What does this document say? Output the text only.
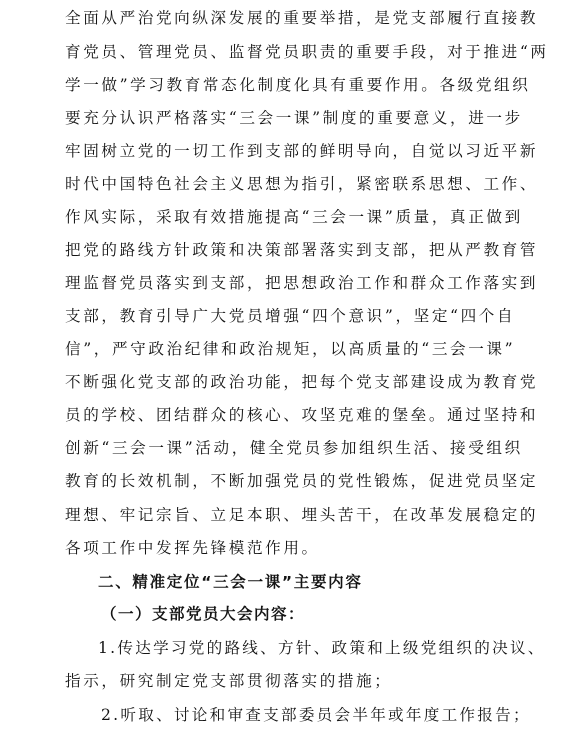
全面从严治党向纵深发展的重要举措，是党支部履行直接教
育党员、管理党员、监督党员职责的重要手段，对于推进“两
学一做”学习教育常态化制度化具有重要作用。各级党组织
要充分认识严格落实“三会一课”制度的重要意义，进一步
牢固树立党的一切工作到支部的鲜明导向，自觉以习近平新
时代中国特色社会主义思想为指引，紧密联系思想、工作、
作风实际，采取有效措施提高“三会一课”质量，真正做到
把党的路线方针政策和决策部署落实到支部，把从严教育管
理监督党员落实到支部，把思想政治工作和群众工作落实到
支部，教育引导广大党员增强“四个意识”，坚定“四个自
信”，严守政治纪律和政治规矩，以高质量的“三会一课”
不断强化党支部的政治功能，把每个党支部建设成为教育党
员的学校、团结群众的核心、攻坚克难的堡垒。通过坚持和
创新“三会一课”活动，健全党员参加组织生活、接受组织
教育的长效机制，不断加强党员的党性锻炼，促进党员坚定
理想、牢记宗旨、立足本职、埋头苦干，在改革发展稳定的
各项工作中发挥先锋模范作用。
二、精准定位“三会一课”主要内容
（一）支部党员大会内容：
1.传达学习党的路线、方针、政策和上级党组织的决议、
指示，研究制定党支部贯彻落实的措施；
2.听取、讨论和审查支部委员会半年或年度工作报告；
